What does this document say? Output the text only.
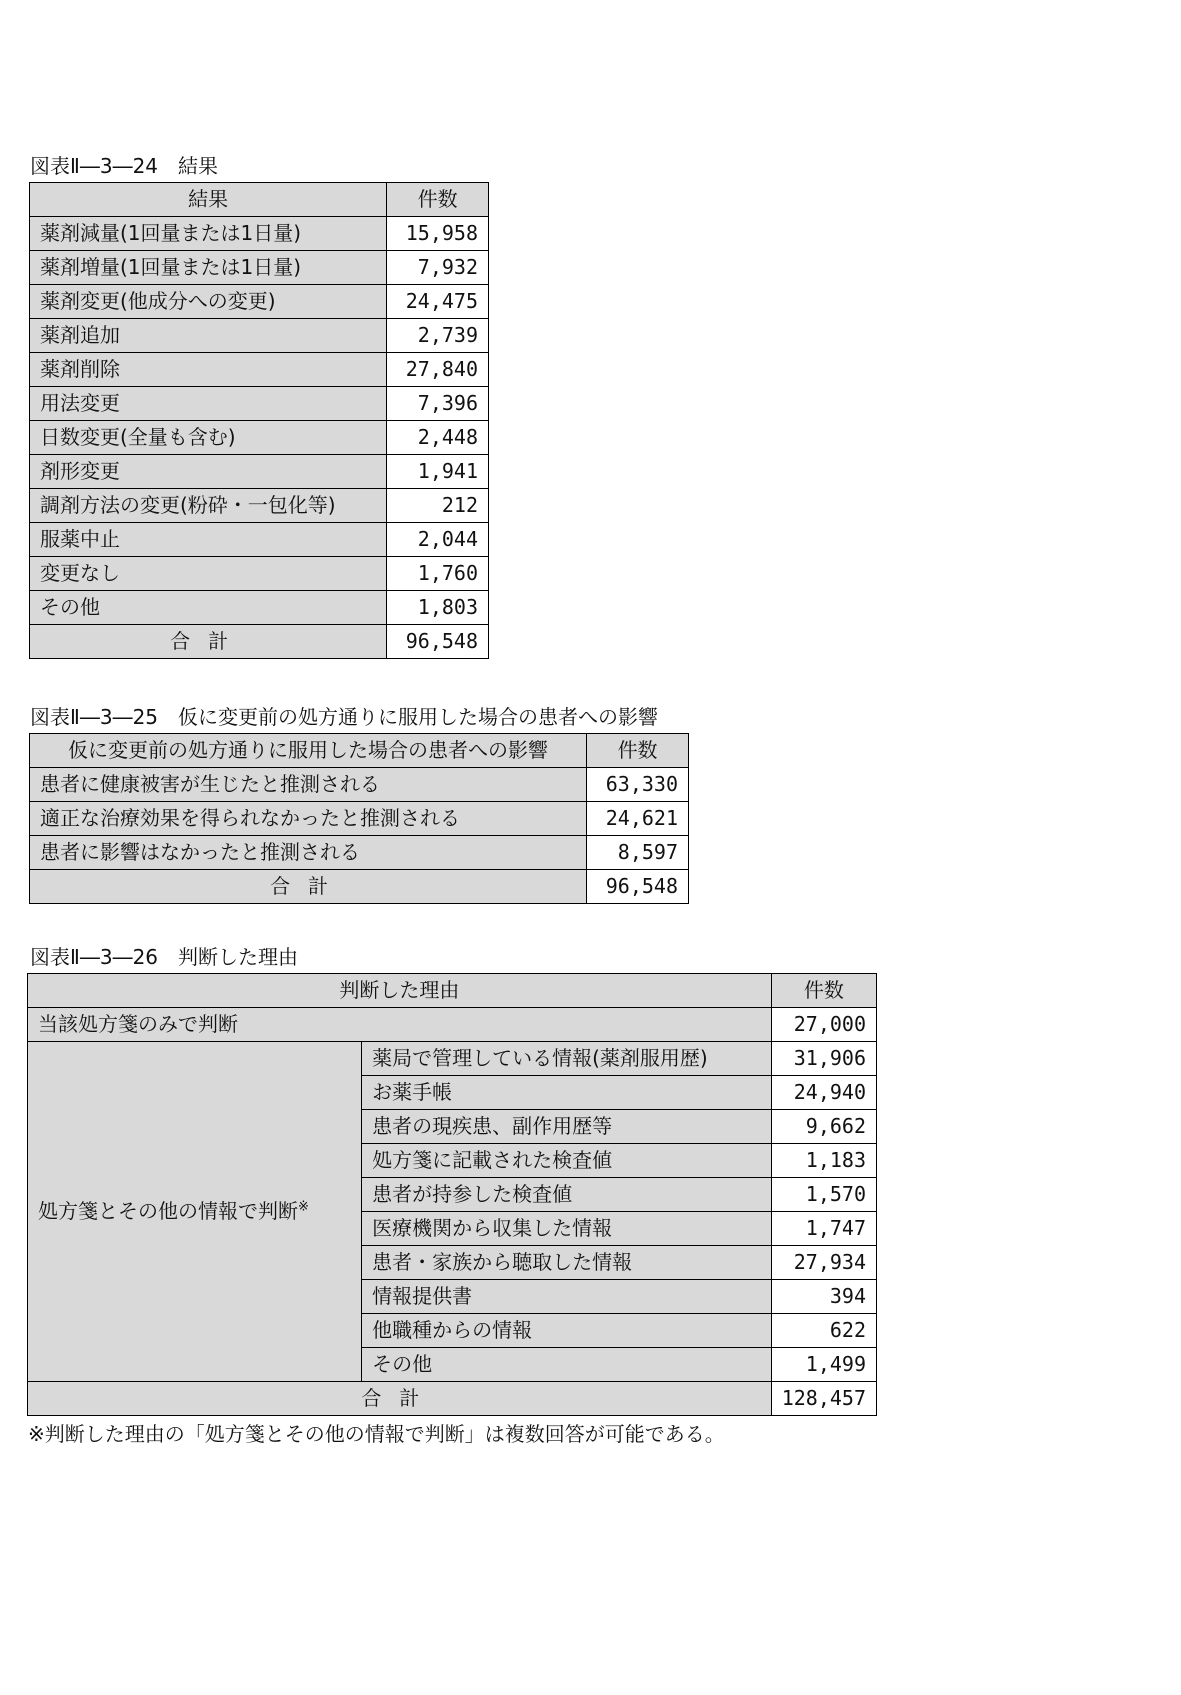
図表Ⅱ―3―24　結果
結果	件数
薬剤減量(1回量または1日量)	15,958
薬剤増量(1回量または1日量)	7,932
薬剤変更(他成分への変更)	24,475
薬剤追加	2,739
薬剤削除	27,840
用法変更	7,396
日数変更(全量も含む)	2,448
剤形変更	1,941
調剤方法の変更(粉砕・一包化等)	212
服薬中止	2,044
変更なし	1,760
その他	1,803
合計	96,548
図表Ⅱ―3―25　仮に変更前の処方通りに服用した場合の患者への影響
仮に変更前の処方通りに服用した場合の患者への影響	件数
患者に健康被害が生じたと推測される	63,330
適正な治療効果を得られなかったと推測される	24,621
患者に影響はなかったと推測される	8,597
合計	96,548
図表Ⅱ―3―26　判断した理由
判断した理由		件数
当該処方箋のみで判断		27,000
処方箋とその他の情報で判断※	薬局で管理している情報(薬剤服用歴)	31,906
	お薬手帳	24,940
	患者の現疾患、副作用歴等	9,662
	処方箋に記載された検査値	1,183
	患者が持参した検査値	1,570
	医療機関から収集した情報	1,747
	患者・家族から聴取した情報	27,934
	情報提供書	394
	他職種からの情報	622
	その他	1,499
合計		128,457
※判断した理由の「処方箋とその他の情報で判断」は複数回答が可能である。
